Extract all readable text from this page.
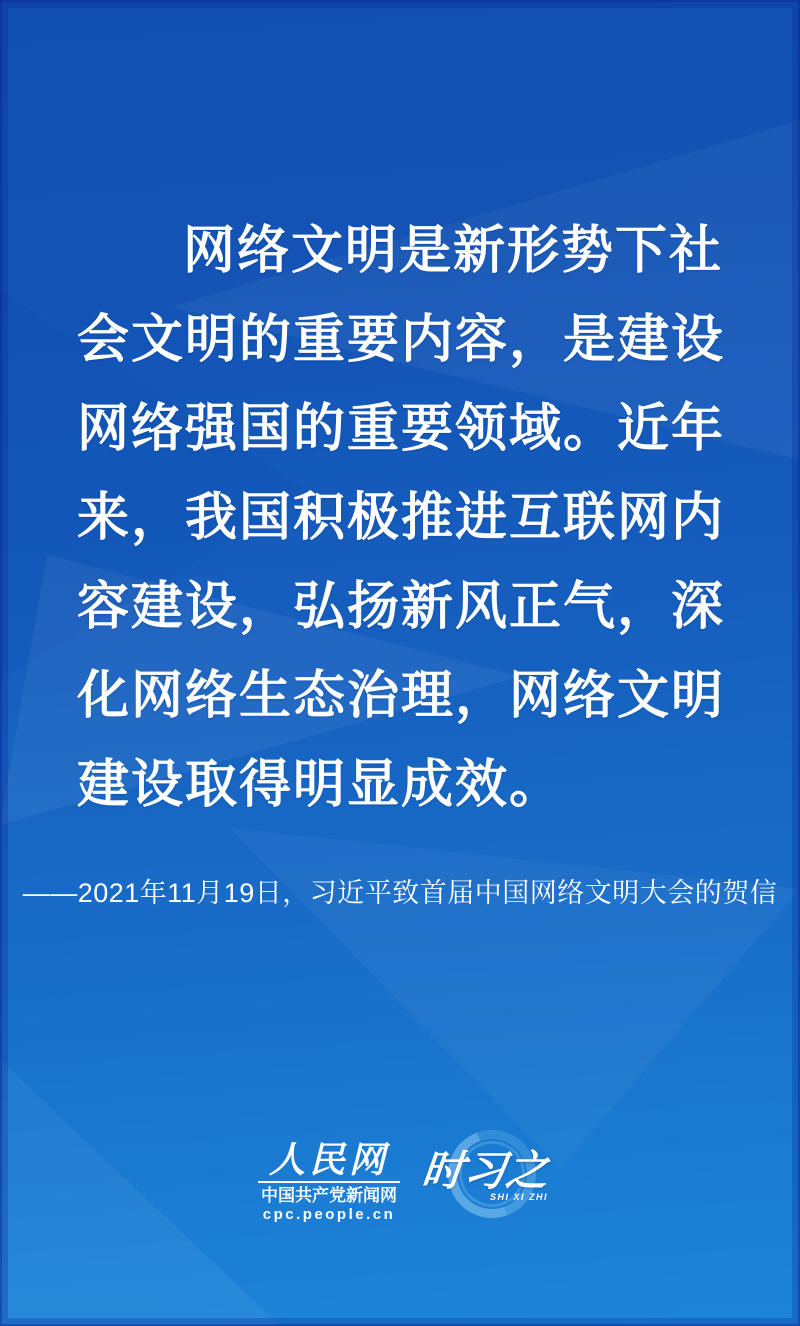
网络文明是新形势下社
会文明的重要内容，是建设
网络强国的重要领域。近年
来，我国积极推进互联网内
容建设，弘扬新风正气，深
化网络生态治理，网络文明
建设取得明显成效。
——2021年11月19日，习近平致首届中国网络文明大会的贺信
人民网
中国共产党新闻网
cpc.people.cn
时习之
SHI XI ZHI
